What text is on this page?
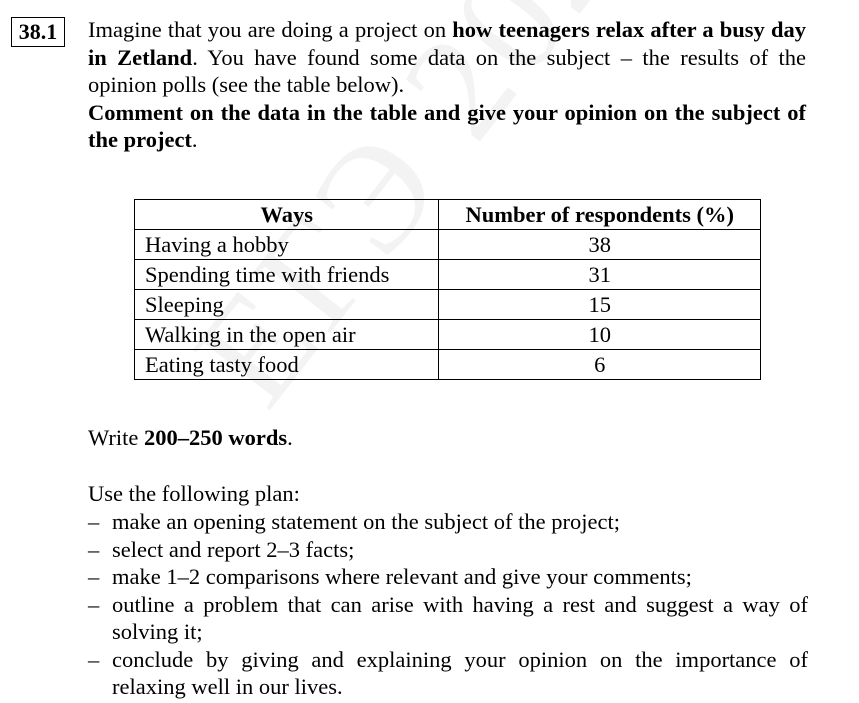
38.1	Imagine that you are doing a project on how teenagers relax after a busy day in Zetland. You have found some data on the subject – the results of the opinion polls (see the table below).

Comment on the data in the table and give your opinion on the subject of the project.

Ways	Number of respondents (%)
Having a hobby	38
Spending time with friends	31
Sleeping	15
Walking in the open air	10
Eating tasty food	6
Write 200–250 words.
Use the following plan:
– make an opening statement on the subject of the project;
– select and report 2–3 facts;
– make 1–2 comparisons where relevant and give your comments;
– outline a problem that can arise with having a rest and suggest a way of solving it;
– conclude by giving and explaining your opinion on the importance of relaxing well in our lives.
